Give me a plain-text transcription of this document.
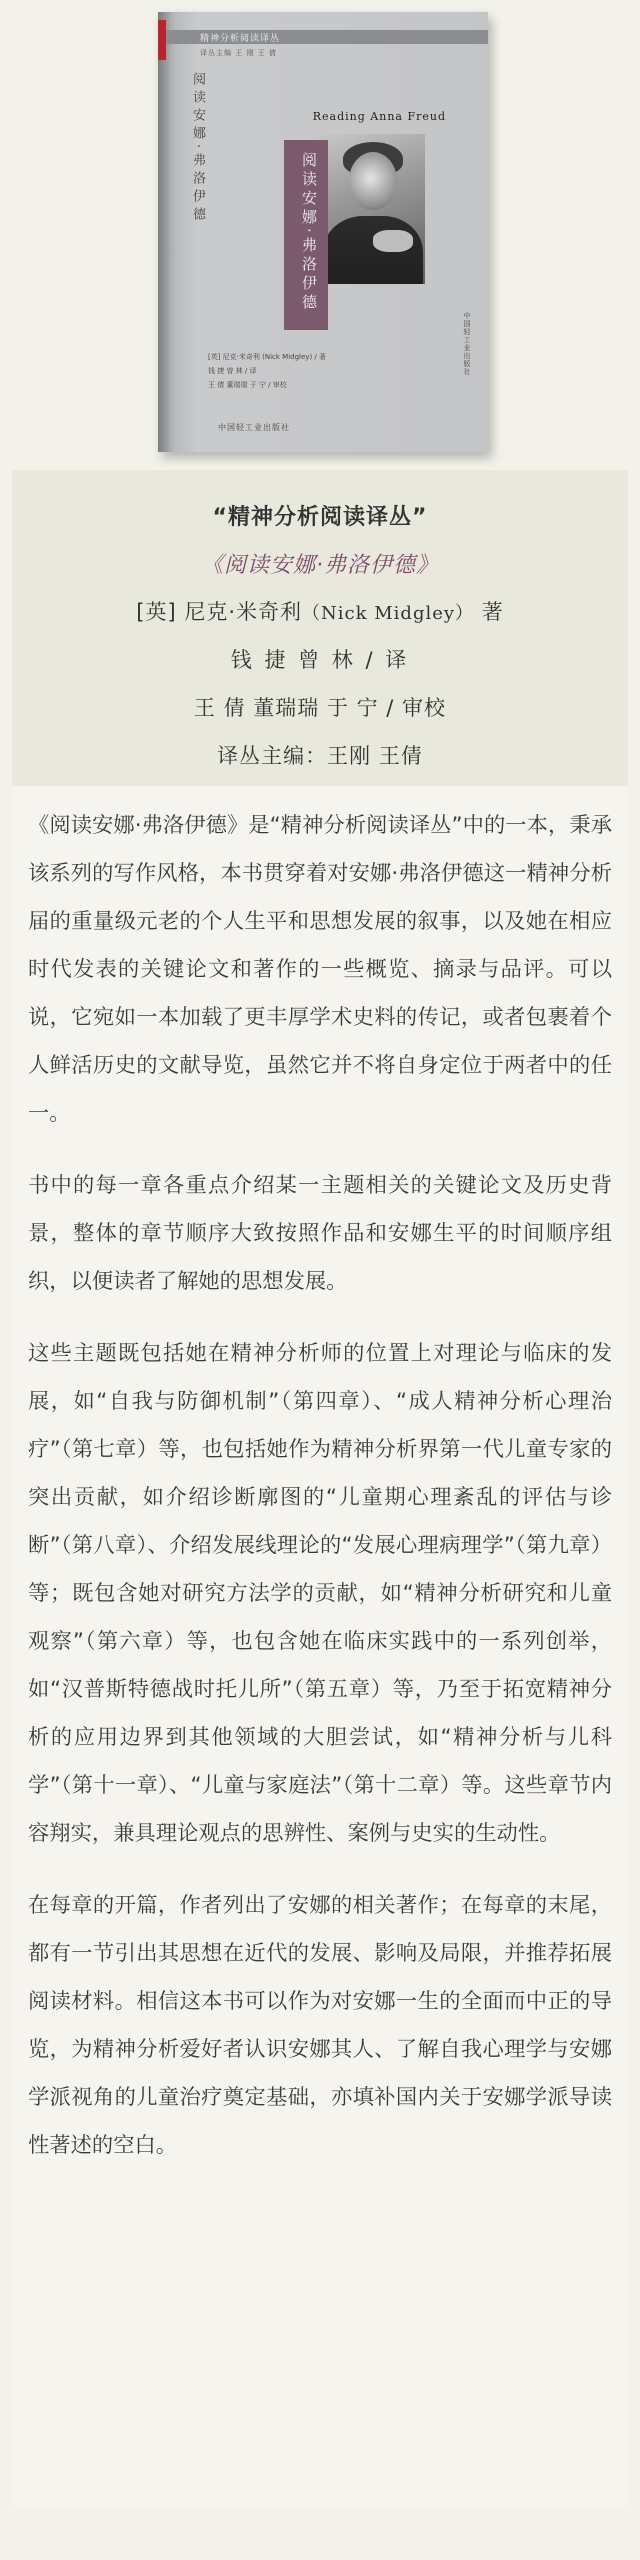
精神分析阅读译丛
译丛主编 王 刚 王 倩
阅读安娜·弗洛伊德	Reading Anna Freud
阅读安娜·弗洛伊德
[英] 尼克·米奇利 (Nick Midgley) / 著
钱 捷 曾 林 / 译
王 倩 董瑞瑞 于 宁 / 审校
中国轻工业出版社
中国轻工业出版社
“精神分析阅读译丛”
《阅读安娜·弗洛伊德》
[英] 尼克·米奇利（Nick Midgley） 著
钱 捷 曾 林 / 译
王 倩 董瑞瑞 于 宁 / 审校
译丛主编：王刚 王倩

《阅读安娜·弗洛伊德》是“精神分析阅读译丛”中的一本，秉承该系列的写作风格，本书贯穿着对安娜·弗洛伊德这一精神分析届的重量级元老的个人生平和思想发展的叙事，以及她在相应时代发表的关键论文和著作的一些概览、摘录与品评。可以说，它宛如一本加载了更丰厚学术史料的传记，或者包裹着个人鲜活历史的文献导览，虽然它并不将自身定位于两者中的任一。

书中的每一章各重点介绍某一主题相关的关键论文及历史背景，整体的章节顺序大致按照作品和安娜生平的时间顺序组织，以便读者了解她的思想发展。

这些主题既包括她在精神分析师的位置上对理论与临床的发展，如“自我与防御机制”（第四章）、“成人精神分析心理治疗”（第七章）等，也包括她作为精神分析界第一代儿童专家的突出贡献，如介绍诊断廓图的“儿童期心理紊乱的评估与诊断”（第八章）、介绍发展线理论的“发展心理病理学”（第九章）等；既包含她对研究方法学的贡献，如“精神分析研究和儿童观察”（第六章）等，也包含她在临床实践中的一系列创举，如“汉普斯特德战时托儿所”（第五章）等，乃至于拓宽精神分析的应用边界到其他领域的大胆尝试，如“精神分析与儿科学”（第十一章）、“儿童与家庭法”（第十二章）等。这些章节内容翔实，兼具理论观点的思辨性、案例与史实的生动性。

在每章的开篇，作者列出了安娜的相关著作；在每章的末尾，都有一节引出其思想在近代的发展、影响及局限，并推荐拓展阅读材料。相信这本书可以作为对安娜一生的全面而中正的导览，为精神分析爱好者认识安娜其人、了解自我心理学与安娜学派视角的儿童治疗奠定基础，亦填补国内关于安娜学派导读性著述的空白。
